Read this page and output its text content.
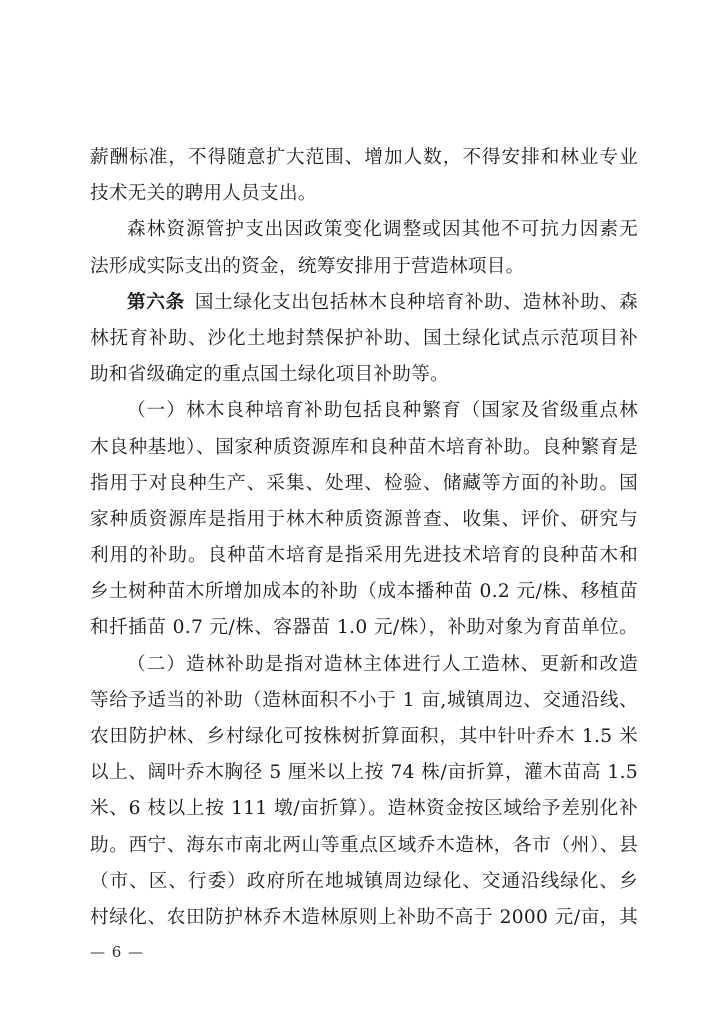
薪酬标准，不得随意扩大范围、增加人数，不得安排和林业专业
技术无关的聘用人员支出。
森林资源管护支出因政策变化调整或因其他不可抗力因素无
法形成实际支出的资金，统筹安排用于营造林项目。
第六条  国土绿化支出包括林木良种培育补助、造林补助、森
林抚育补助、沙化土地封禁保护补助、国土绿化试点示范项目补
助和省级确定的重点国土绿化项目补助等。
（一）林木良种培育补助包括良种繁育（国家及省级重点林
木良种基地）、国家种质资源库和良种苗木培育补助。良种繁育是
指用于对良种生产、采集、处理、检验、储藏等方面的补助。国
家种质资源库是指用于林木种质资源普查、收集、评价、研究与
利用的补助。良种苗木培育是指采用先进技术培育的良种苗木和
乡土树种苗木所增加成本的补助（成本播种苗 0.2 元/株、移植苗
和扦插苗 0.7 元/株、容器苗 1.0 元/株），补助对象为育苗单位。
（二）造林补助是指对造林主体进行人工造林、更新和改造
等给予适当的补助（造林面积不小于 1 亩,城镇周边、交通沿线、
农田防护林、乡村绿化可按株树折算面积，其中针叶乔木 1.5 米
以上、阔叶乔木胸径 5 厘米以上按 74 株/亩折算，灌木苗高 1.5
米、6 枝以上按 111 墩/亩折算）。造林资金按区域给予差别化补
助。西宁、海东市南北两山等重点区域乔木造林，各市（州）、县
（市、区、行委）政府所在地城镇周边绿化、交通沿线绿化、乡
村绿化、农田防护林乔木造林原则上补助不高于 2000 元/亩，其
— 6 —
